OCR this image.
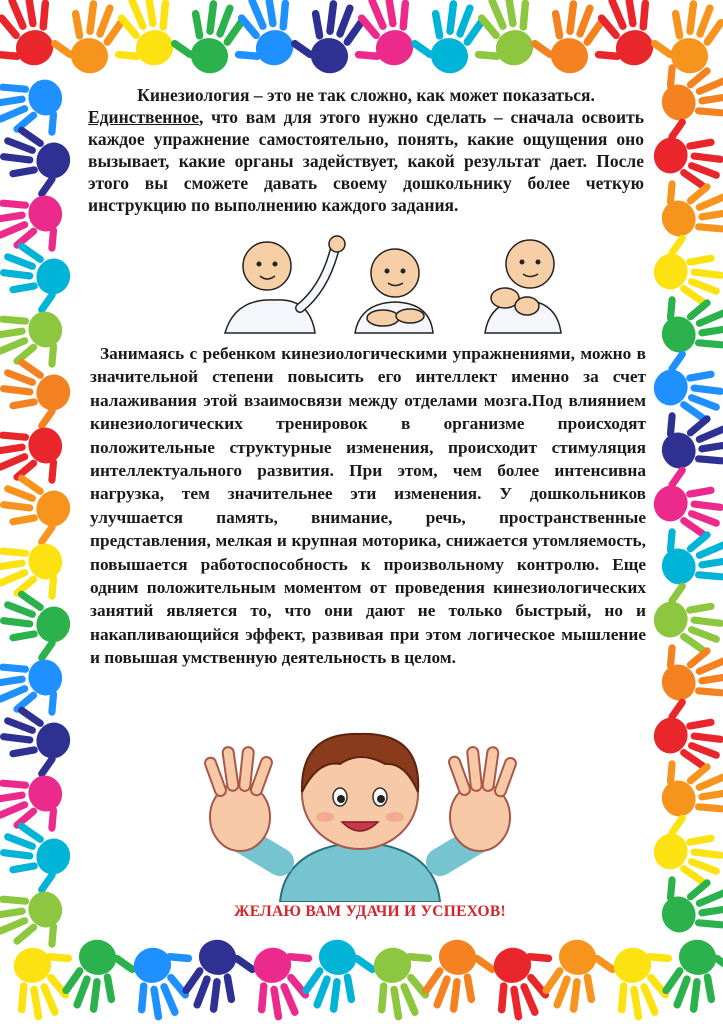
Кинезиология – это не так сложно, как может показаться.
Единственное, что вам для этого нужно сделать – сначала освоить каждое упражнение самостоятельно, понять, какие ощущения оно вызывает, какие органы задействует, какой результат дает. После этого вы сможете давать своему дошкольнику более четкую инструкцию по выполнению каждого задания.
Занимаясь с ребенком кинезиологическими упражнениями, можно в значительной степени повысить его интеллект именно за счет налаживания этой взаимосвязи между отделами мозга.Под влиянием кинезиологических тренировок в организме происходят положительные структурные изменения, происходит стимуляция интеллектуального развития. При этом, чем более интенсивна нагрузка, тем значительнее эти изменения. У дошкольников улучшается память, внимание, речь, пространственные представления, мелкая и крупная моторика, снижается утомляемость, повышается работоспособность к произвольному контролю. Еще одним положительным моментом от проведения кинезиологических занятий является то, что они дают не только быстрый, но и накапливающийся эффект, развивая при этом логическое мышление и повышая умственную деятельность в целом.
ЖЕЛАЮ ВАМ УДАЧИ И УСПЕХОВ!
